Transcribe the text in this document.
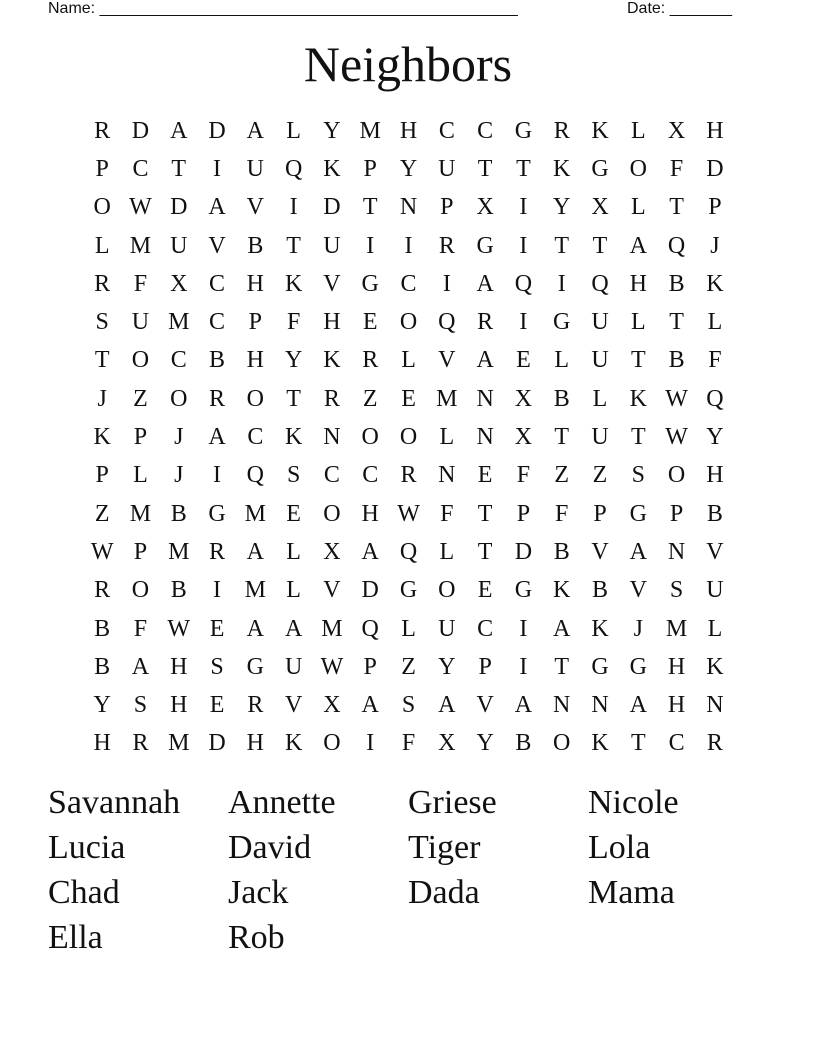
Name: _______________________________________________	Date: _______
Neighbors
R D A D A L Y M H C C G R K L X H
P C T	I	U Q K P Y U T T K G O F D
O W D A V	I	D T N P X	I	Y X L T	P
L M U V B T U	I	I	R G	I	T T A Q	J
R F X C H K V G C	I	A Q	I	Q H B K
S U M C P	F H E O Q R	I	G U L T L
T O C B H Y K R L V A E L U T B F
J	Z O R O T R Z E M N X B L K W Q
K P	J	A C K N O O L N X T U T W Y
P	L	J	I	Q S C C R N E	F	Z Z	S O H
Z M B G M E O H W F	T	P	F	P G P B
W P M R A L X A Q L T D B V A N V
R O B	I M L V D G O E G K B V S U
B F W E A A M Q L U C	I	A K	J M L
B A H S G U W P	Z Y P	I	T G G H K
Y S H E R V X A S A V A N N A H N
H R M D H K O	I	F X Y B O K T C R
Savannah	Annette	Griese	Nicole
Lucia	David	Tiger	Lola
Chad	Jack	Dada	Mama
Ella	Rob
